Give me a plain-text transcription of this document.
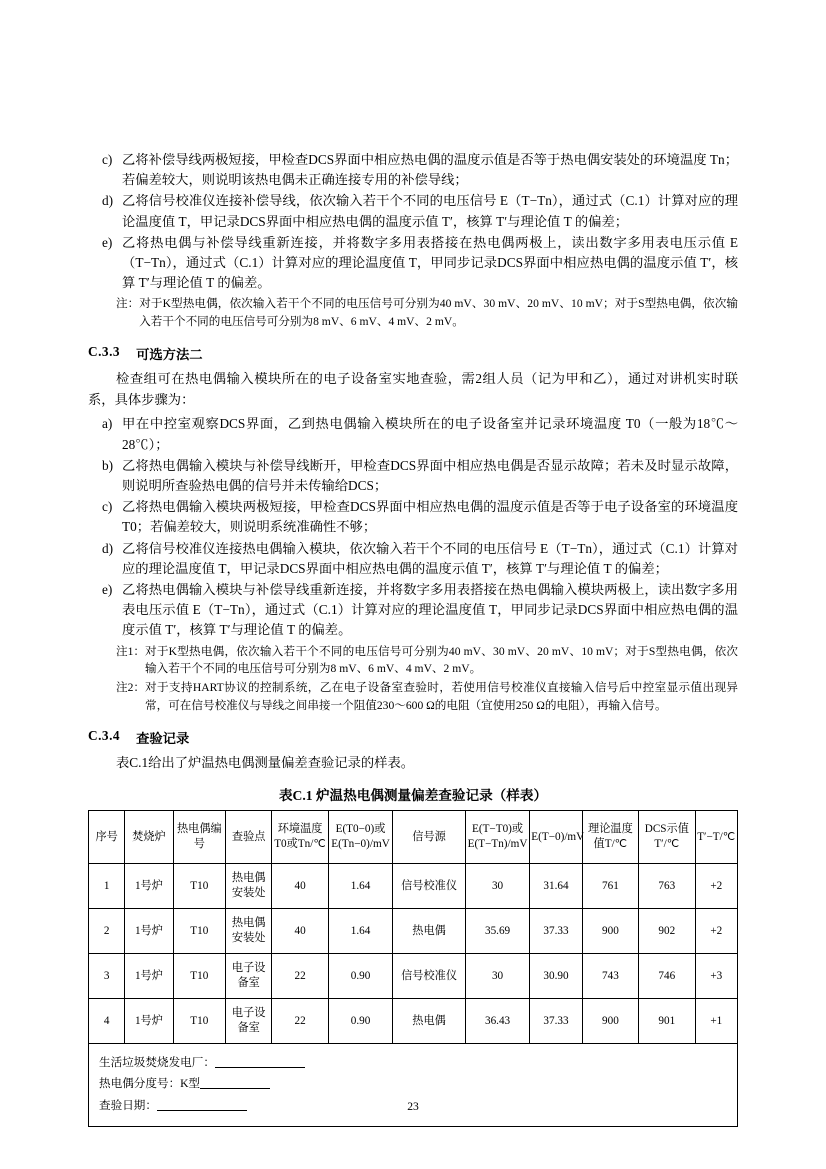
c) 乙将补偿导线两极短接，甲检查DCS界面中相应热电偶的温度示值是否等于热电偶安装处的环境温度 Tn；若偏差较大，则说明该热电偶未正确连接专用的补偿导线；
d) 乙将信号校准仪连接补偿导线，依次输入若干个不同的电压信号 E（T−Tn），通过式（C.1）计算对应的理论温度值 T，甲记录DCS界面中相应热电偶的温度示值 T′，核算 T′与理论值 T 的偏差；
e) 乙将热电偶与补偿导线重新连接，并将数字多用表搭接在热电偶两极上，读出数字多用表电压示值 E（T−Tn），通过式（C.1）计算对应的理论温度值 T，甲同步记录DCS界面中相应热电偶的温度示值 T′，核算 T′与理论值 T 的偏差。
注： 对于K型热电偶，依次输入若干个不同的电压信号可分别为40 mV、30 mV、20 mV、10 mV；对于S型热电偶，依次输入若干个不同的电压信号可分别为8 mV、6 mV、4 mV、2 mV。
C.3.3 可选方法二

检查组可在热电偶输入模块所在的电子设备室实地查验，需2组人员（记为甲和乙），通过对讲机实时联系，具体步骤为：

a) 甲在中控室观察DCS界面，乙到热电偶输入模块所在的电子设备室并记录环境温度 T0（一般为18℃～28℃）；
b) 乙将热电偶输入模块与补偿导线断开，甲检查DCS界面中相应热电偶是否显示故障；若未及时显示故障，则说明所查验热电偶的信号并未传输给DCS；
c) 乙将热电偶输入模块两极短接，甲检查DCS界面中相应热电偶的温度示值是否等于电子设备室的环境温度 T0；若偏差较大，则说明系统准确性不够；
d) 乙将信号校准仪连接热电偶输入模块，依次输入若干个不同的电压信号 E（T−Tn），通过式（C.1）计算对应的理论温度值 T，甲记录DCS界面中相应热电偶的温度示值 T′，核算 T′与理论值 T 的偏差；
e) 乙将热电偶输入模块与补偿导线重新连接，并将数字多用表搭接在热电偶输入模块两极上，读出数字多用表电压示值 E（T−Tn），通过式（C.1）计算对应的理论温度值 T，甲同步记录DCS界面中相应热电偶的温度示值 T′，核算 T′与理论值 T 的偏差。
注1： 对于K型热电偶，依次输入若干个不同的电压信号可分别为40 mV、30 mV、20 mV、10 mV；对于S型热电偶，依次输入若干个不同的电压信号可分别为8 mV、6 mV、4 mV、2 mV。
注2： 对于支持HART协议的控制系统，乙在电子设备室查验时，若使用信号校准仪直接输入信号后中控室显示值出现异常，可在信号校准仪与导线之间串接一个阻值230～600 Ω的电阻（宜使用250 Ω的电阻），再输入信号。
C.3.4 查验记录

表C.1给出了炉温热电偶测量偏差查验记录的样表。

表C.1 炉温热电偶测量偏差查验记录（样表）
序号	焚烧炉	热电偶编号	查验点	环境温度 T0或Tn/℃	E(T0−0)或E(Tn−0)/mV	信号源	E(T−T0)或E(T−Tn)/mV	E(T−0)/mV	理论温度值T/℃	DCS示值T′/℃	T′−T/℃
1	1号炉	T10	热电偶安装处	40	1.64	信号校准仪	30	31.64	761	763	+2
2	1号炉	T10	热电偶安装处	40	1.64	热电偶	35.69	37.33	900	902	+2
3	1号炉	T10	电子设备室	22	0.90	信号校准仪	30	30.90	743	746	+3
4	1号炉	T10	电子设备室	22	0.90	热电偶	36.43	37.33	900	901	+1
生活垃圾焚烧发电厂：
热电偶分度号：K型
查验日期：	23
